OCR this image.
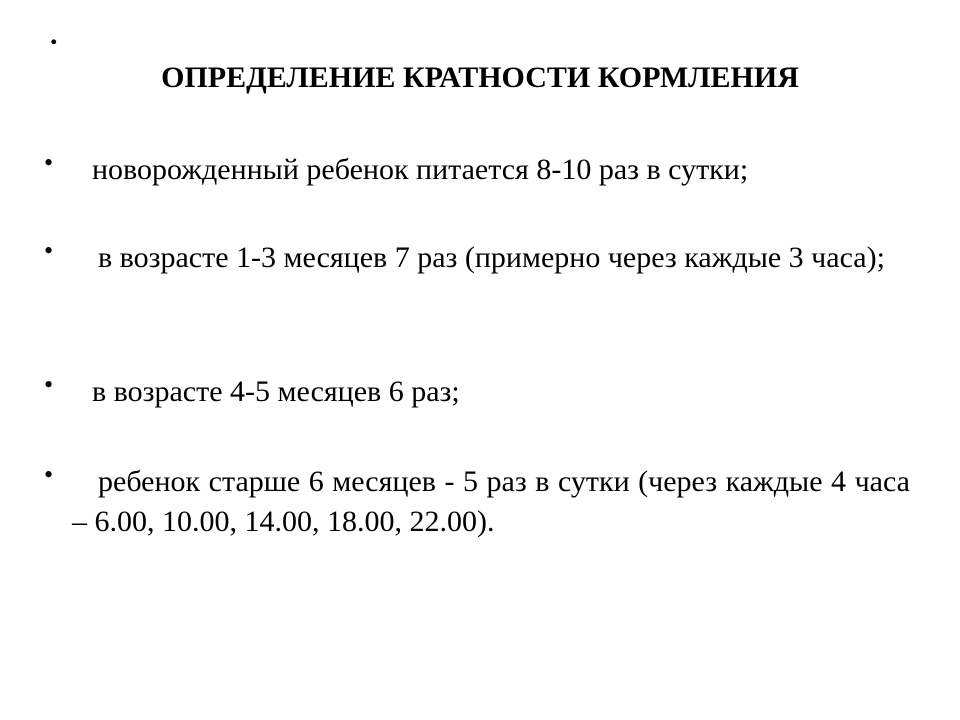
.
ОПРЕДЕЛЕНИЕ КРАТНОСТИ КОРМЛЕНИЯ
•	новорожденный ребенок питается 8-10 раз в сутки;

•	в возрасте 1-3 месяцев 7 раз (примерно через каждые 3 часа);

•	в возрасте 4-5 месяцев 6 раз;

•	ребенок старше 6 месяцев - 5 раз в сутки (через каждые 4 часа – 6.00, 10.00, 14.00, 18.00, 22.00).
